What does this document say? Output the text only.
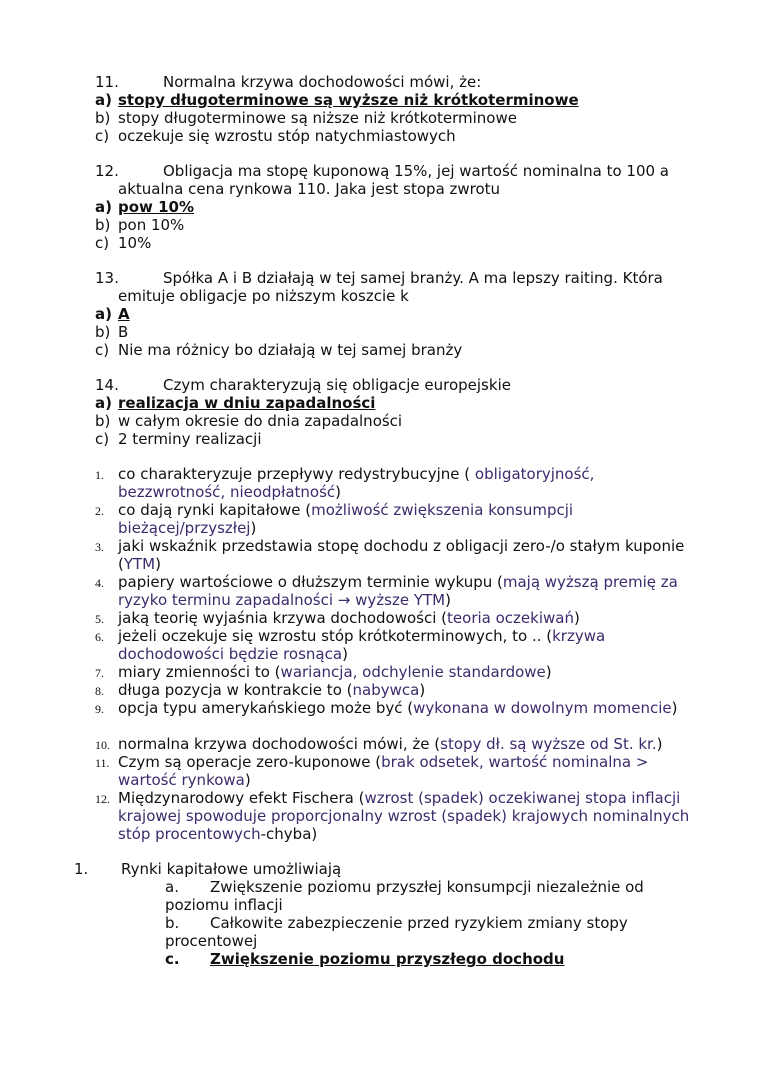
11.	Normalna krzywa dochodowości mówi, że:
a) stopy długoterminowe są wyższe niż krótkoterminowe
b) stopy długoterminowe są niższe niż krótkoterminowe
c) oczekuje się wzrostu stóp natychmiastowych
12.	Obligacja ma stopę kuponową 15%, jej wartość nominalna to 100 a
aktualna cena rynkowa 110. Jaka jest stopa zwrotu
a) pow 10%
b) pon 10%
c) 10%
13.	Spółka A i B działają w tej samej branży. A ma lepszy raiting. Która
emituje obligacje po niższym koszcie k
a) A
b) B
c) Nie ma różnicy bo działają w tej samej branży
14.	Czym charakteryzują się obligacje europejskie
a) realizacja w dniu zapadalności
b) w całym okresie do dnia zapadalności
c) 2 terminy realizacji
1. co charakteryzuje przepływy redystrybucyjne ( obligatoryjność, bezzwrotność, nieodpłatność)
2. co dają rynki kapitałowe (możliwość zwiększenia konsumpcji bieżącej/przyszłej)
3. jaki wskaźnik przedstawia stopę dochodu z obligacji zero-/o stałym kuponie (YTM)
4. papiery wartościowe o dłuższym terminie wykupu (mają wyższą premię za ryzyko terminu zapadalności → wyższe YTM)
5. jaką teorię wyjaśnia krzywa dochodowości (teoria oczekiwań)
6. jeżeli oczekuje się wzrostu stóp krótkoterminowych, to .. (krzywa dochodowości będzie rosnąca)
7. miary zmienności to (wariancja, odchylenie standardowe)
8. długa pozycja w kontrakcie to (nabywca)
9. opcja typu amerykańskiego może być (wykonana w dowolnym momencie)
10. normalna krzywa dochodowości mówi, że (stopy dł. są wyższe od St. kr.)
11. Czym są operacje zero-kuponowe (brak odsetek, wartość nominalna > wartość rynkowa)
12. Międzynarodowy efekt Fischera (wzrost (spadek) oczekiwanej stopa inflacji krajowej spowoduje proporcjonalny wzrost (spadek) krajowych nominalnych stóp procentowych-chyba)
1. Rynki kapitałowe umożliwiają
a. Zwiększenie poziomu przyszłej konsumpcji niezależnie od poziomu inflacji
b. Całkowite zabezpieczenie przed ryzykiem zmiany stopy procentowej
c. Zwiększenie poziomu przyszłego dochodu
